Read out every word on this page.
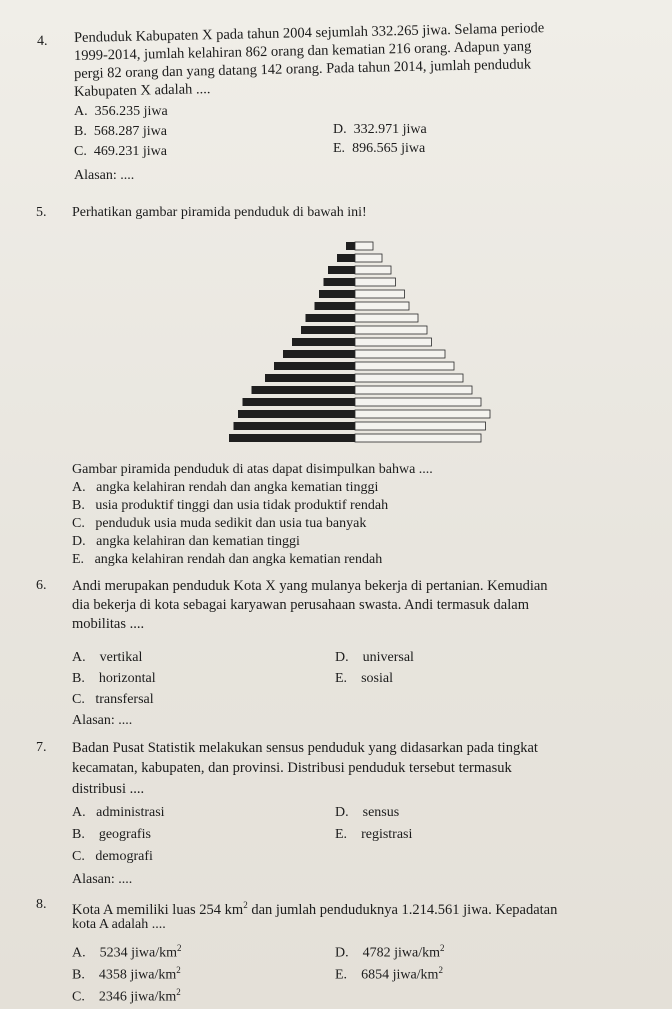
4. Penduduk Kabupaten X pada tahun 2004 sejumlah 332.265 jiwa. Selama periode
1999-2014, jumlah kelahiran 862 orang dan kematian 216 orang. Adapun yang
pergi 82 orang dan yang datang 142 orang. Pada tahun 2014, jumlah penduduk
Kabupaten X adalah ....
A. 356.235 jiwa
B. 568.287 jiwa
C. 469.231 jiwa
D. 332.971 jiwa
E. 896.565 jiwa
Alasan: ....
5. Perhatikan gambar piramida penduduk di bawah ini!
Gambar piramida penduduk di atas dapat disimpulkan bahwa ....
A. angka kelahiran rendah dan angka kematian tinggi
B. usia produktif tinggi dan usia tidak produktif rendah
C. penduduk usia muda sedikit dan usia tua banyak
D. angka kelahiran dan kematian tinggi
E. angka kelahiran rendah dan angka kematian rendah
6. Andi merupakan penduduk Kota X yang mulanya bekerja di pertanian. Kemudian
dia bekerja di kota sebagai karyawan perusahaan swasta. Andi termasuk dalam
mobilitas ....
A. vertikal
B. horizontal
C. transfersal
D. universal
E. sosial
Alasan: ....
7. Badan Pusat Statistik melakukan sensus penduduk yang didasarkan pada tingkat
kecamatan, kabupaten, dan provinsi. Distribusi penduduk tersebut termasuk
distribusi ....
A. administrasi
B. geografis
C. demografi
D. sensus
E. registrasi
Alasan: ....
8. Kota A memiliki luas 254 $km^2$ dan jumlah penduduknya 1.214.561 jiwa. Kepadatan
kota A adalah ....
A. 5234 jiwa/$km^2$
B. 4358 jiwa/$km^2$
C. 2346 jiwa/$km^2$
D. 4782 jiwa/$km^2$
E. 6854 jiwa/$km^2$
